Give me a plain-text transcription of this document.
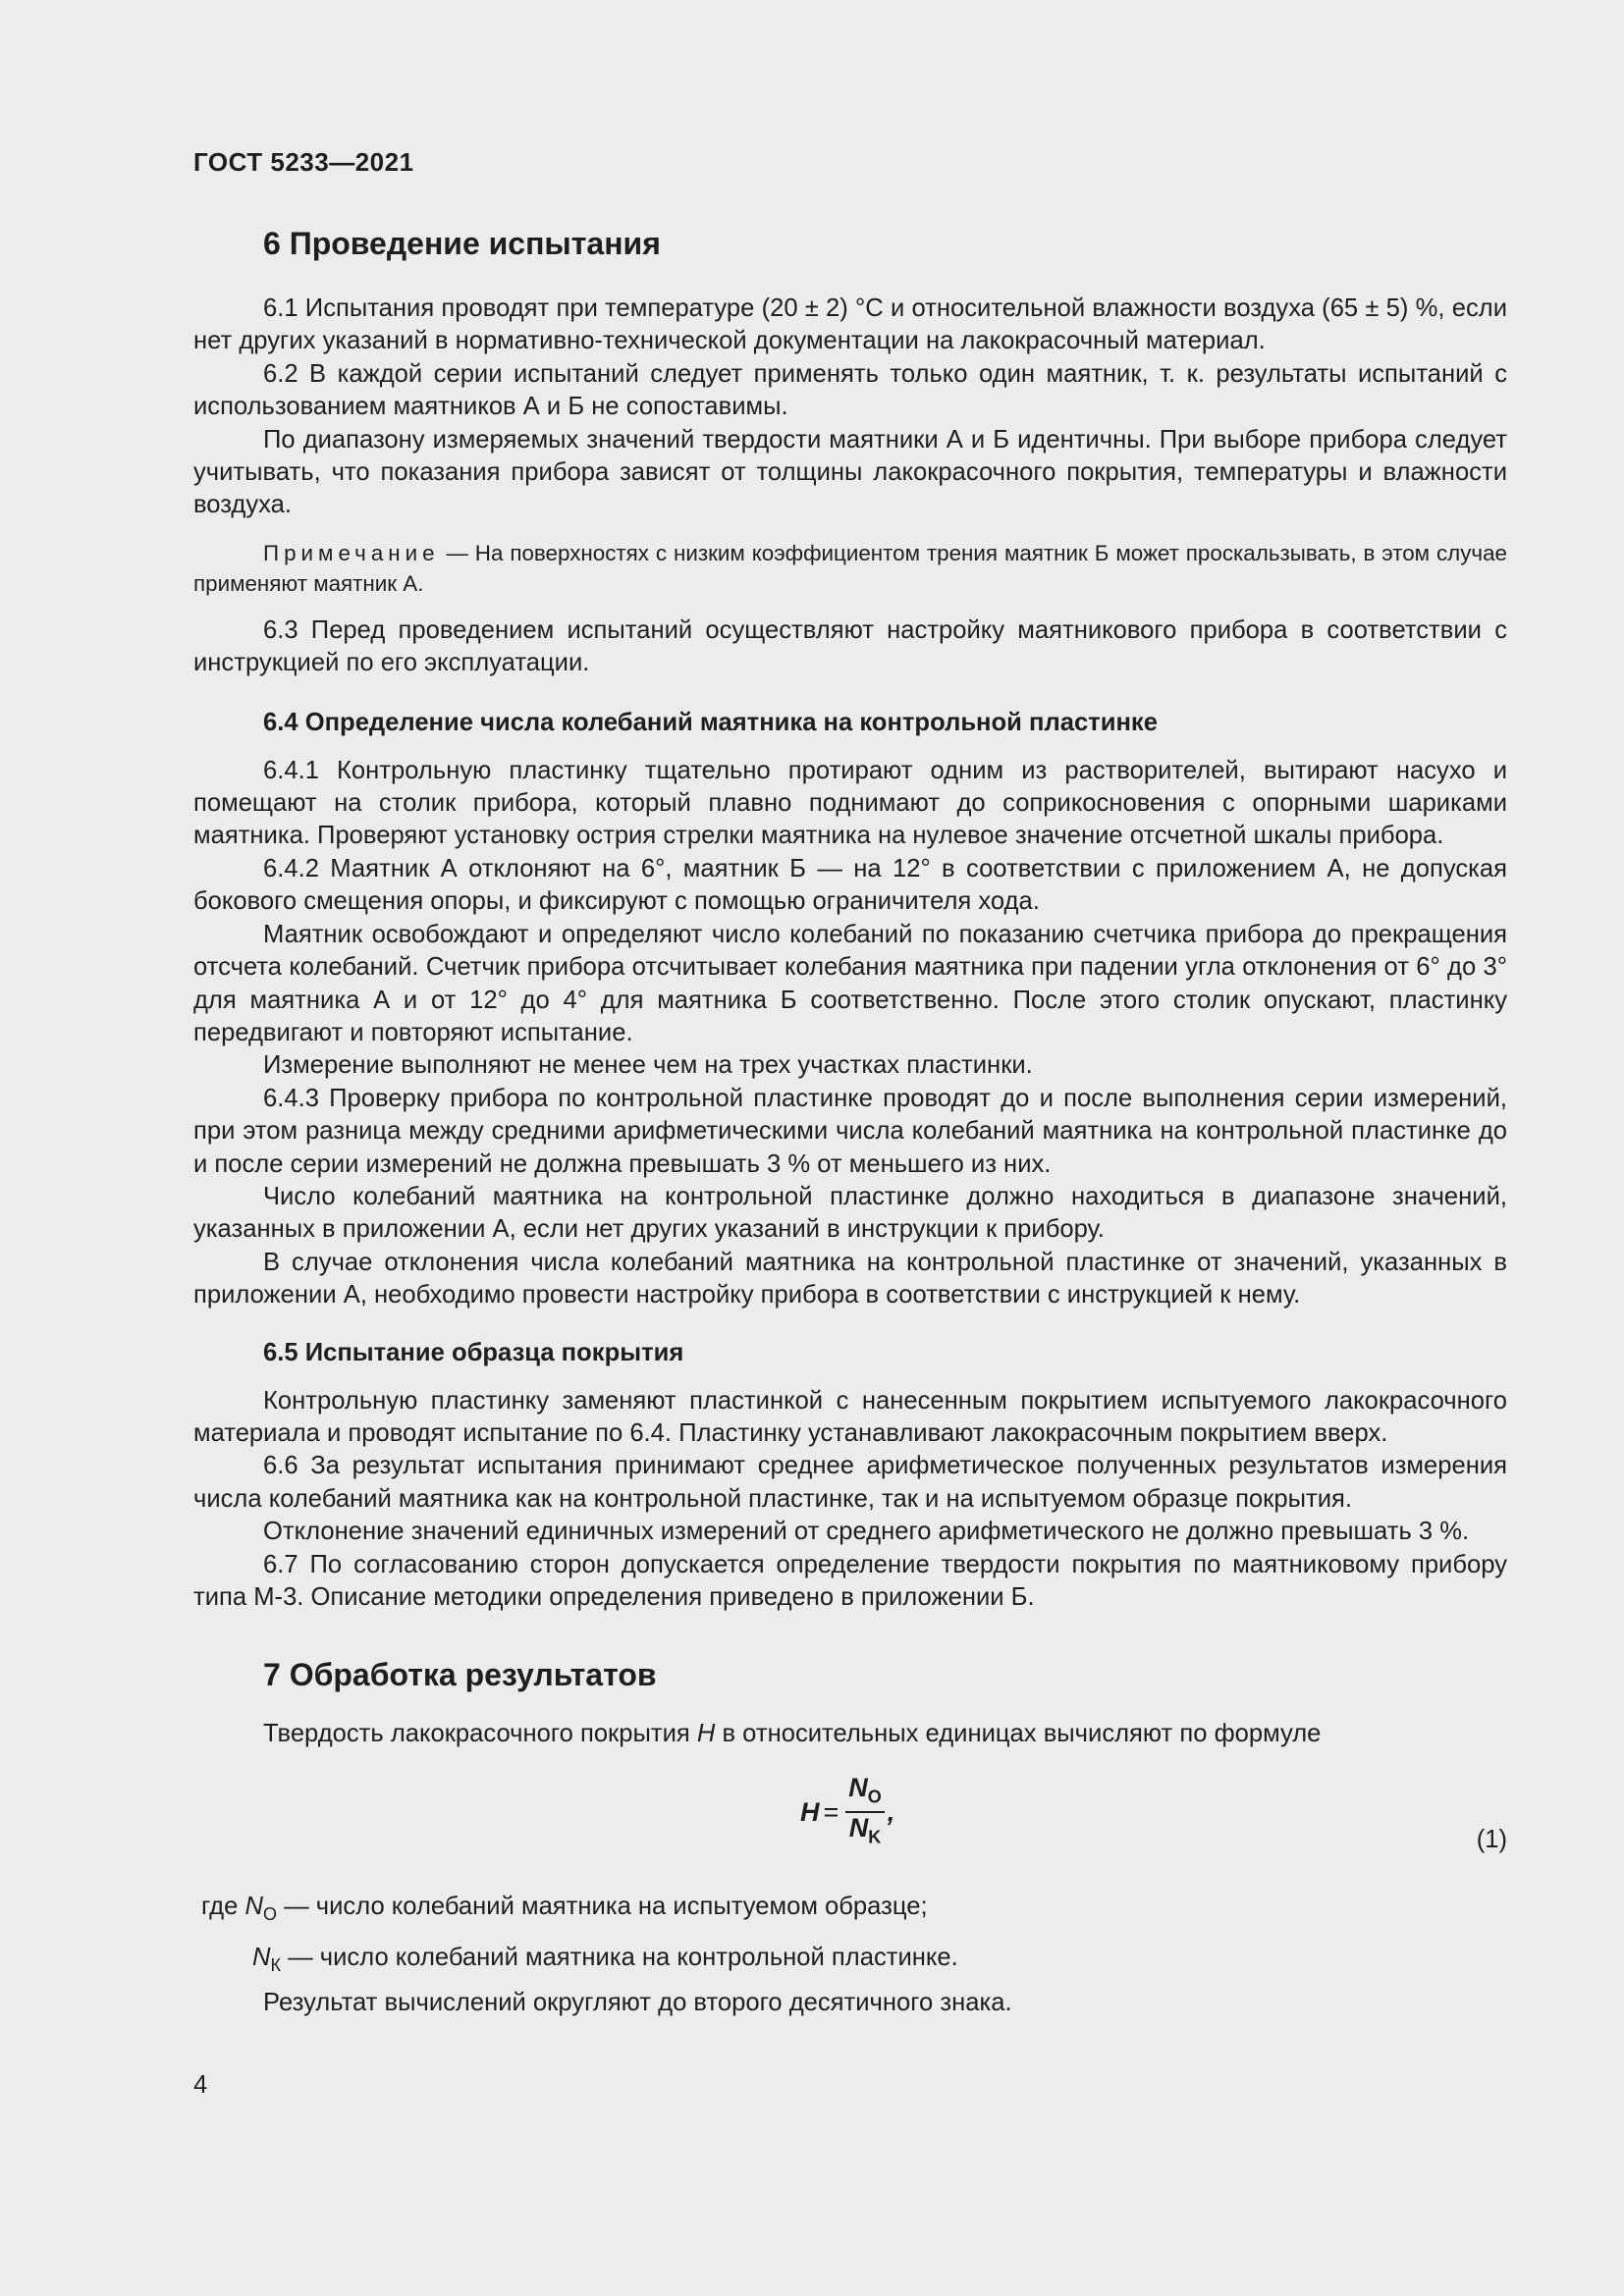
ГОСТ 5233—2021
6 Проведение испытания

6.1 Испытания проводят при температуре (20 ± 2) °С и относительной влажности воздуха (65 ± 5) %, если нет других указаний в нормативно-технической документации на лакокрасочный материал.

6.2 В каждой серии испытаний следует применять только один маятник, т. к. результаты испытаний с использованием маятников А и Б не сопоставимы.

По диапазону измеряемых значений твердости маятники А и Б идентичны. При выборе прибора следует учитывать, что показания прибора зависят от толщины лакокрасочного покрытия, температуры и влажности воздуха.

Примечание — На поверхностях с низким коэффициентом трения маятник Б может проскальзывать, в этом случае применяют маятник А.

6.3 Перед проведением испытаний осуществляют настройку маятникового прибора в соответствии с инструкцией по его эксплуатации.

6.4 Определение числа колебаний маятника на контрольной пластинке

6.4.1 Контрольную пластинку тщательно протирают одним из растворителей, вытирают насухо и помещают на столик прибора, который плавно поднимают до соприкосновения с опорными шариками маятника. Проверяют установку острия стрелки маятника на нулевое значение отсчетной шкалы прибора.

6.4.2 Маятник А отклоняют на 6°, маятник Б — на 12° в соответствии с приложением А, не допуская бокового смещения опоры, и фиксируют с помощью ограничителя хода.

Маятник освобождают и определяют число колебаний по показанию счетчика прибора до прекращения отсчета колебаний. Счетчик прибора отсчитывает колебания маятника при падении угла отклонения от 6° до 3° для маятника А и от 12° до 4° для маятника Б соответственно. После этого столик опускают, пластинку передвигают и повторяют испытание.

Измерение выполняют не менее чем на трех участках пластинки.

6.4.3 Проверку прибора по контрольной пластинке проводят до и после выполнения серии измерений, при этом разница между средними арифметическими числа колебаний маятника на контрольной пластинке до и после серии измерений не должна превышать 3 % от меньшего из них.

Число колебаний маятника на контрольной пластинке должно находиться в диапазоне значений, указанных в приложении А, если нет других указаний в инструкции к прибору.

В случае отклонения числа колебаний маятника на контрольной пластинке от значений, указанных в приложении А, необходимо провести настройку прибора в соответствии с инструкцией к нему.

6.5 Испытание образца покрытия

Контрольную пластинку заменяют пластинкой с нанесенным покрытием испытуемого лакокрасочного материала и проводят испытание по 6.4. Пластинку устанавливают лакокрасочным покрытием вверх.

6.6 За результат испытания принимают среднее арифметическое полученных результатов измерения числа колебаний маятника как на контрольной пластинке, так и на испытуемом образце покрытия.

Отклонение значений единичных измерений от среднего арифметического не должно превышать 3 %.

6.7 По согласованию сторон допускается определение твердости покрытия по маятниковому прибору типа М-3. Описание методики определения приведено в приложении Б.

7 Обработка результатов

Твердость лакокрасочного покрытия H в относительных единицах вычисляют по формуле

$H = \frac{N_O}{N_K}$ ,
(1)
где $N_O$ — число колебаний маятника на испытуемом образце;
$N_К$ — число колебаний маятника на контрольной пластинке.

Результат вычислений округляют до второго десятичного знака.

4
